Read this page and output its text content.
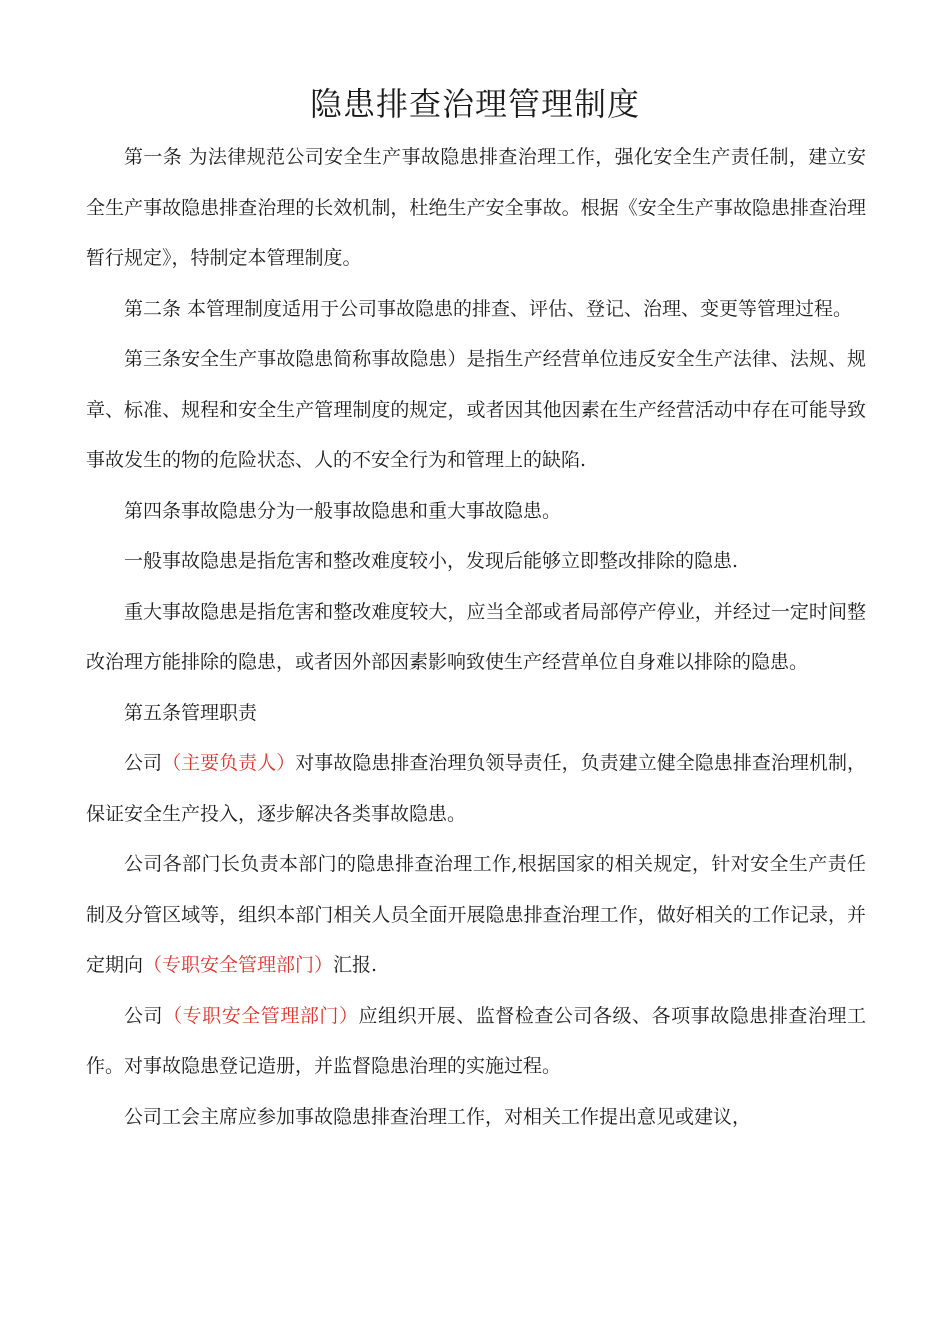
隐患排查治理管理制度

第一条 为法律规范公司安全生产事故隐患排查治理工作，强化安全生产责任制，建立安全生产事故隐患排查治理的长效机制，杜绝生产安全事故。根据《安全生产事故隐患排查治理暂行规定》，特制定本管理制度。

第二条 本管理制度适用于公司事故隐患的排查、评估、登记、治理、变更等管理过程。

第三条安全生产事故隐患简称事故隐患）是指生产经营单位违反安全生产法律、法规、规章、标准、规程和安全生产管理制度的规定，或者因其他因素在生产经营活动中存在可能导致事故发生的物的危险状态、人的不安全行为和管理上的缺陷.

第四条事故隐患分为一般事故隐患和重大事故隐患。

一般事故隐患是指危害和整改难度较小，发现后能够立即整改排除的隐患.

重大事故隐患是指危害和整改难度较大，应当全部或者局部停产停业，并经过一定时间整改治理方能排除的隐患，或者因外部因素影响致使生产经营单位自身难以排除的隐患。

第五条管理职责

公司（主要负责人）对事故隐患排查治理负领导责任，负责建立健全隐患排查治理机制，保证安全生产投入，逐步解决各类事故隐患。

公司各部门长负责本部门的隐患排查治理工作,根据国家的相关规定，针对安全生产责任制及分管区域等，组织本部门相关人员全面开展隐患排查治理工作，做好相关的工作记录，并定期向（专职安全管理部门）汇报.

公司（专职安全管理部门）应组织开展、监督检查公司各级、各项事故隐患排查治理工作。对事故隐患登记造册，并监督隐患治理的实施过程。

公司工会主席应参加事故隐患排查治理工作，对相关工作提出意见或建议，
